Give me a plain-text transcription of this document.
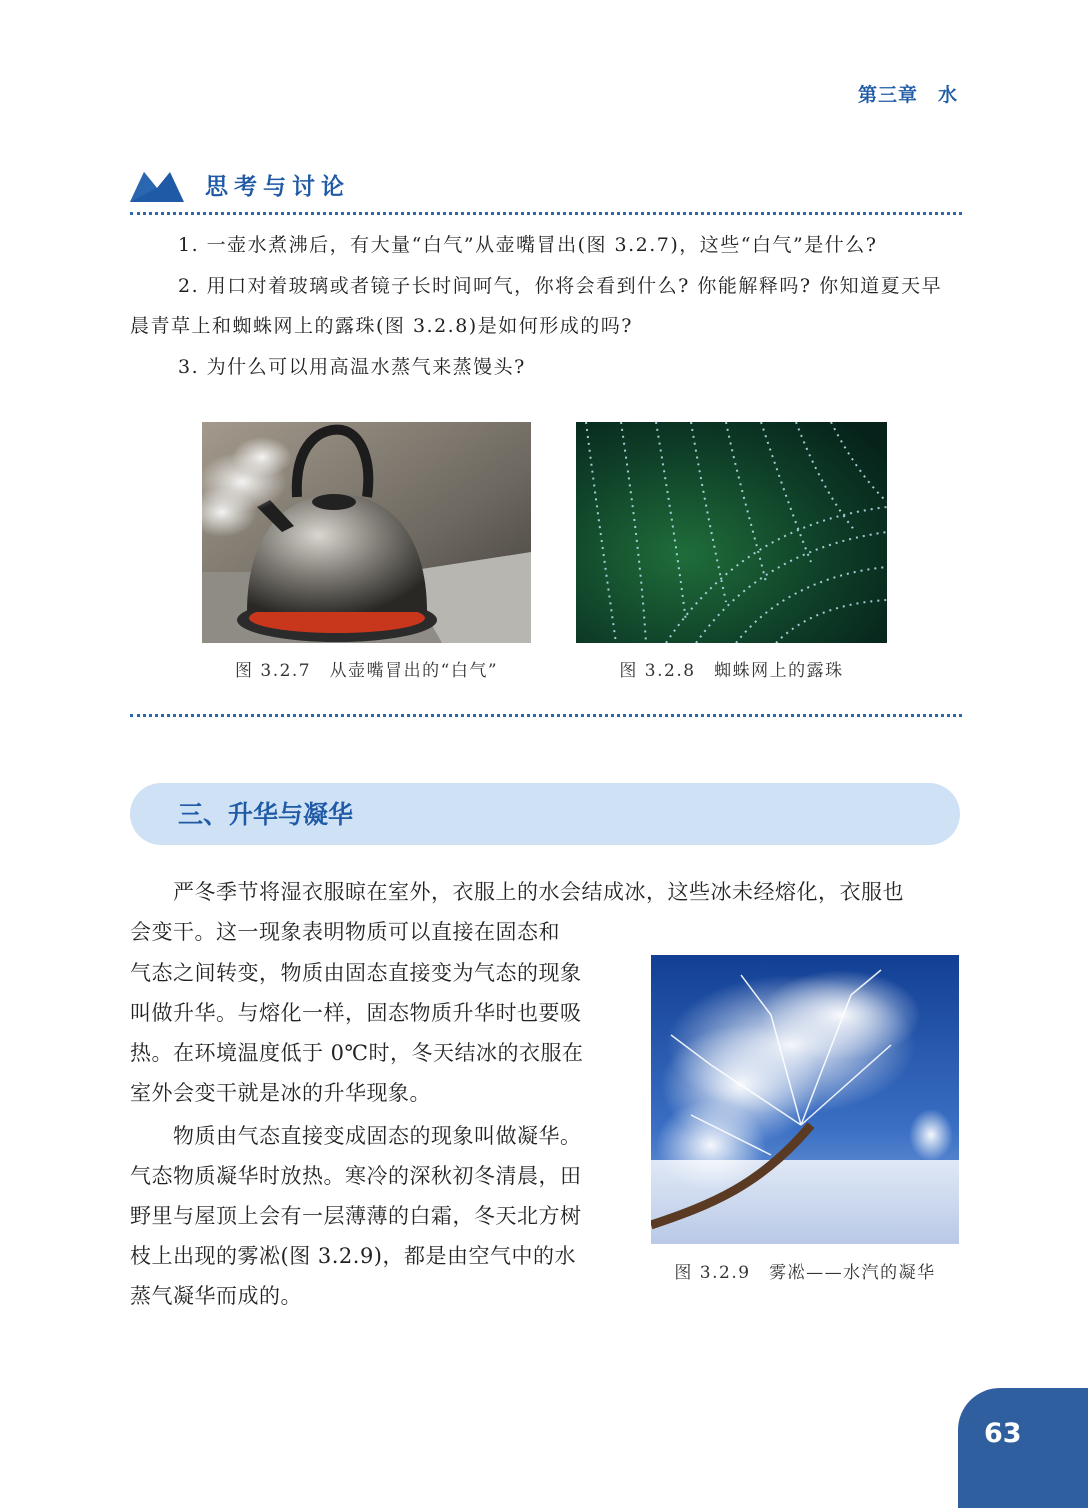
第三章　水
思考与讨论
1. 一壶水煮沸后，有大量“白气”从壶嘴冒出(图 3.2.7)，这些“白气”是什么?
2. 用口对着玻璃或者镜子长时间呵气，你将会看到什么? 你能解释吗? 你知道夏天早晨青草上和蜘蛛网上的露珠(图 3.2.8)是如何形成的吗?
3. 为什么可以用高温水蒸气来蒸馒头?
图 3.2.7　从壶嘴冒出的“白气”	图 3.2.8　蜘蛛网上的露珠
三、升华与凝华
　　严冬季节将湿衣服晾在室外，衣服上的水会结成冰，这些冰未经熔化，衣服也
会变干。这一现象表明物质可以直接在固态和
气态之间转变，物质由固态直接变为气态的现象
叫做升华。与熔化一样，固态物质升华时也要吸
热。在环境温度低于 0℃时，冬天结冰的衣服在
室外会变干就是冰的升华现象。
　　物质由气态直接变成固态的现象叫做凝华。
气态物质凝华时放热。寒冷的深秋初冬清晨，田
野里与屋顶上会有一层薄薄的白霜，冬天北方树
枝上出现的雾凇(图 3.2.9)，都是由空气中的水
蒸气凝华而成的。
图 3.2.9　雾凇——水汽的凝华
63
